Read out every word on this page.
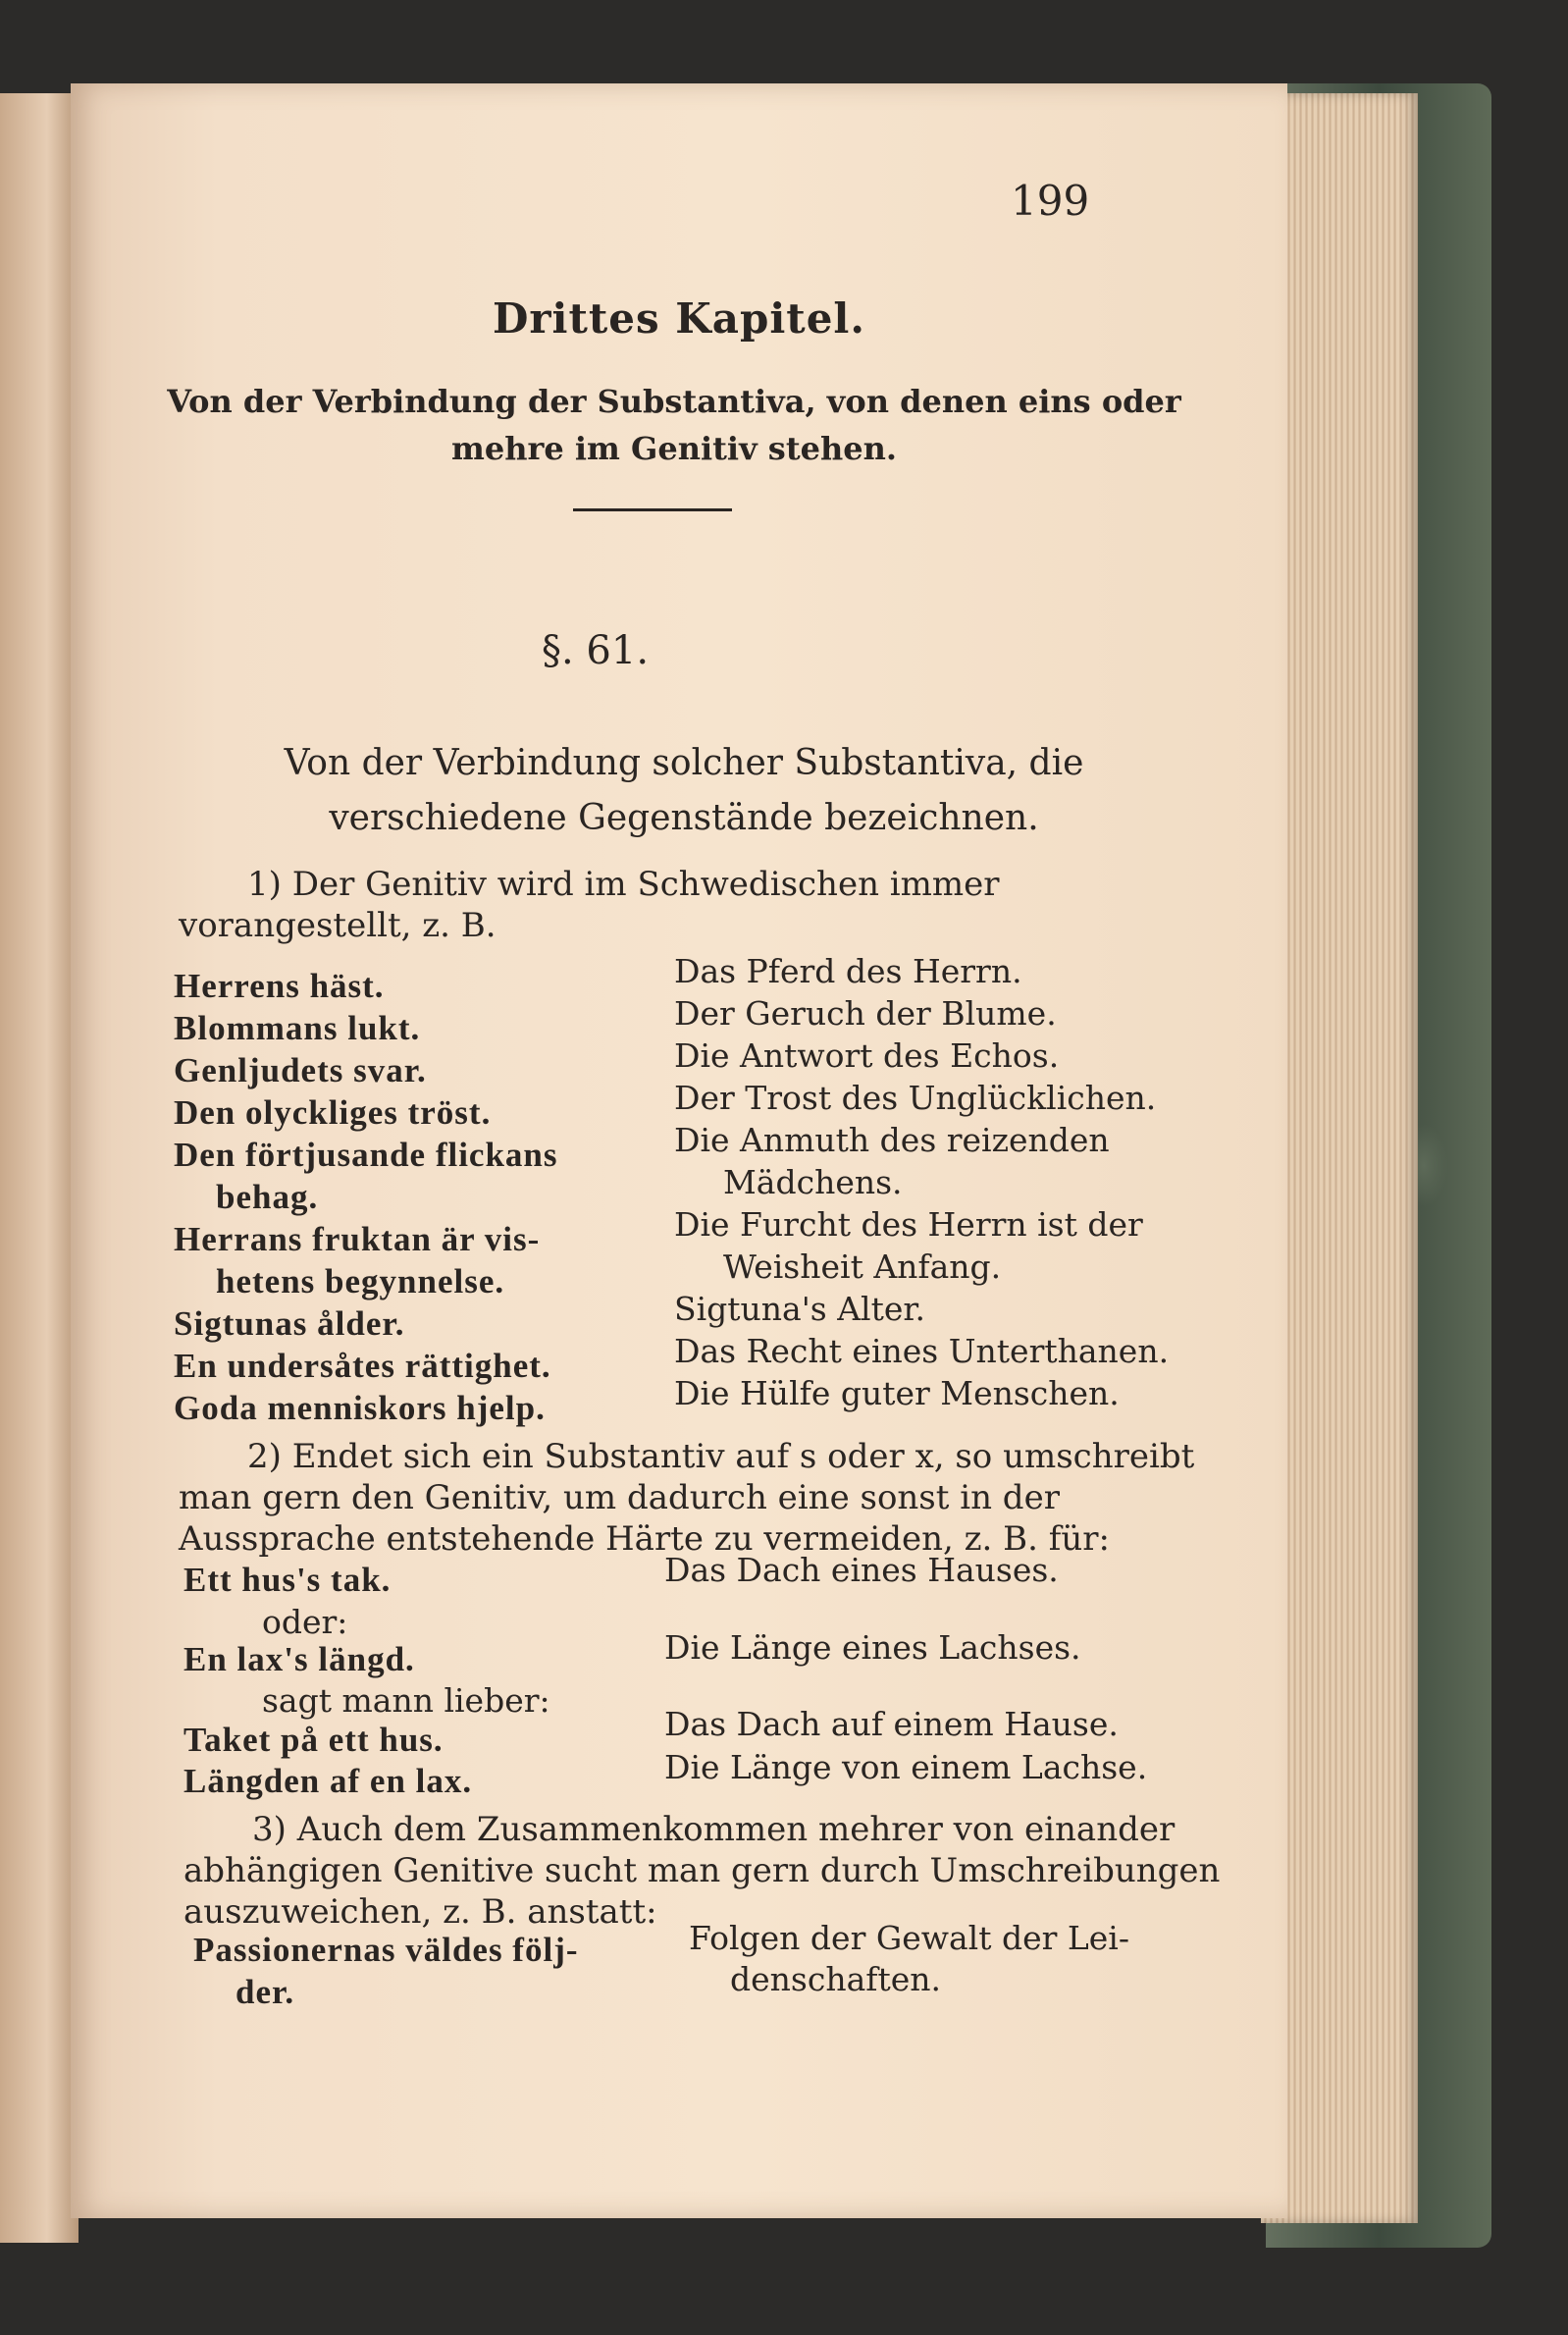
199
Drittes Kapitel.
Von der Verbindung der Substantiva, von denen eins oder mehre im Genitiv stehen.
§. 61.
Von der Verbindung solcher Substantiva, die verschiedene Gegenstände bezeichnen.
1) Der Genitiv wird im Schwedischen immer vorangestellt, z. B.
Herrens häst.	Das Pferd des Herrn.
Blommans lukt.	Der Geruch der Blume.
Genljudets svar.	Die Antwort des Echos.
Den olyckliges tröst.	Der Trost des Unglücklichen.
Den förtjusande flickans	Die Anmuth des reizenden
behag.	Mädchens.
Herrans fruktan är vis-	Die Furcht des Herrn ist der
hetens begynnelse.	Weisheit Anfang.
Sigtunas ålder.	Sigtuna's Alter.
En undersåtes rättighet.	Das Recht eines Unterthanen.
Goda menniskors hjelp.	Die Hülfe guter Menschen.
2) Endet sich ein Substantiv auf s oder x, so umschreibt man gern den Genitiv, um dadurch eine sonst in der Aussprache entstehende Härte zu vermeiden, z. B. für:
Ett hus's tak.	Das Dach eines Hauses.
oder:
En lax's längd.	Die Länge eines Lachses.
sagt mann lieber:
Taket på ett hus.	Das Dach auf einem Hause.
Längden af en lax.	Die Länge von einem Lachse.
3) Auch dem Zusammenkommen mehrer von einander abhängigen Genitive sucht man gern durch Umschreibungen auszuweichen, z. B. anstatt:
Passionernas väldes följ-	Folgen der Gewalt der Lei-
der.	denschaften.
